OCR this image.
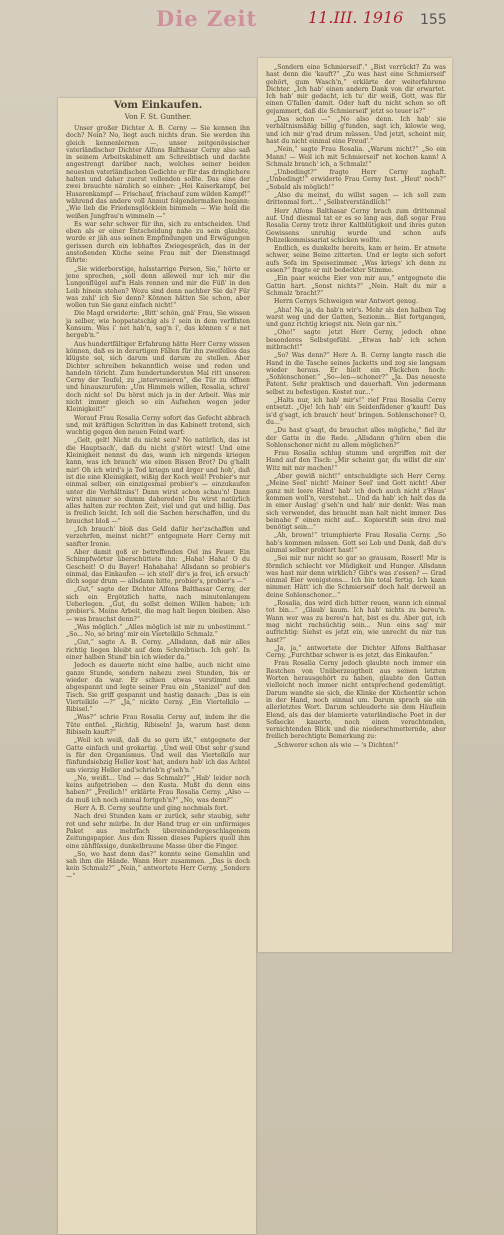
Die Zeit	11.III. 1916 155
Vom Einkaufen.
Von F. St. Gunther.

Unser großer Dichter A. B. Cerny — Sie kennen ihn doch? Nein? No, liegt auch nichts dran. Sie werden ihn gleich kennenlernen —, unser zeitgenössischer vaterländischer Dichter Alfons Balthasar Cerny also saß in seinem Arbeitskabinett am Schreibtisch und dachte angestrengt darüber nach, welches seiner beiden neuesten vaterländischen Gedichte er für das dringlichere halten und daher zuerst vollenden sollte. Das eine der zwei brauchte nämlich so einher: „Hei Kaiserkampf, bei Husarenkampf — Frischauf, frischauf zum wilden Kampf!“ während das andere voll Anmut folgendermaßen begann: „Wie lieb die Friedensglöcklein bimmeln — Wie hold die weißen Jungfrau'n wimmeln —“

Es war sehr schwer für ihn, sich zu entscheiden. Und eben als er einer Entscheidung nahe zu sein glaubte, wurde er jäh aus seinen Empfindungen und Erwägungen gerissen durch ein lebhaftes Zwiegespräch, das in der anstoßenden Küche seine Frau mit der Dienstmagd führte:

„Sie widerborstige, halsstarrige Person, Sie,“ hörte er jene sprechen, „soll denn alleweil nur ich mir die Lungenflügel auf'n Hals rennen und mir die Füß' in den Leib hinein stehen? Wozu sind denn nachher Sie da? Für was zahl' ich Sie denn? Können hätten Sie schon, aber wollen tun Sie ganz einfach nicht!“

Die Magd erwiderte: „Bitt' schön, gnä' Frau, Sie wissen ja selber, wie hoppatatschig als i' sein in dem verflixten Konsum. Was i' net hab'n, sag'n i', das können s' e net hergeb'n.“

Aus hundertfältiger Erfahrung hätte Herr Cerny wissen können, daß es in derartigen Fällen für ihn zweifellos das klügste sei, sich darum und darum zu stellen. Aber Dichter schreiben bekanntlich weise und reden und handeln töricht. Zum hundertundersten Mal ritt unseren Cerny der Teufel, zu „intervenieren“, die Tür zu öffnen und hinauszurufen: „Um Himmels willen, Rosalia, schrei' doch nicht so! Du hörst mich ja in der Arbeit. Was mir nicht immer gleich so ein Aufsehen wegen jeder Kleinigkeit!“

Worauf Frau Rosalia Cerny sofort das Gefecht abbrach und, mit kräftigen Schritten in das Kabinett tretend, sich wuchtig gegen den neuen Feind warf:

„Gelt, gelt! Nicht du nicht sein? No natürlich, das ist die Hauptsach', daß du nicht g'stört wirst! Und eine Kleinigkeit nennst du das, wann ich nirgends kriegen kann, was ich brauch' wie einen Bissen Brot? Du g'hallt mir! Oh ich wird's ja Tod kriegn und ärger und hoh', daß ist die eine Kleinigkeit, wißig der Koch weil! Probier's nur einmal selber, ein einzigesmal probier's — einzukaufen unter die Verhältniss'! Dann wirst schon schau'n! Dann wirst nimmer so dumm dahereden! Du wirst natürlich alles halten zur rechten Zeit, viel und gut und billig. Das is freilich leicht. Ich soll die Sachen herschaffen, und du brauchst bloß —“

„Ich brauch' bloß das Geld dafür her'zschaffen und verzehrfen, meinst nicht?“ entgegnete Herr Cerny mit sanfter Ironie.

Aber damit goß er betreffenden Oel ins Feuer. Ein Schimpfwörter überschüttete ihn: „Haha! Haha! O du Gescheit! O du Bayer! Hahahaha! Allsdann so probier's einmal, das Einkaufen — ich stell' dir's ja frei, ich ersuch' dich sogar drum — allsdann bitte, probier's, probier's —“

„Gut,“ sagte der Dichter Alfons Balthasar Cerny, der sich ein Ergötzlich hatte, nach minutenlangem Ueberlegen. „Gut, du sollst deinen Willen haben; ich probier's. Meine Arbeit, die mag halt liegen bleiben. Also — was brauchst denn?“

„Was möglich.“ „Alles möglich ist mir zu unbestimmt.“ „So... No, so bring' mir ein Viertelkilo Schmalz.“

„Gut,“ sagte A. B. Cerny. „Allsdann, daß mir alles richtig liegen bleibt auf dem Schreibtisch. Ich geh'. In einer halben Stund' bin ich wieder da.“

Jedoch es dauerte nicht eine halbe, auch nicht eine ganze Stunde, sondern nahezu zwei Stunden, bis er wieder da war. Er schien etwas verstimmt und abgespannt und legte seiner Frau ein „Stanizel“ auf den Tisch. Sie griff gespannt und hastig danach: „Das is ein Viertelkilo —?“ „Ja,“ nickte Cerny. „Ein Viertelkilo — Ribisel.“

„Was?“ schrie Frau Rosalia Cerny auf, indem ihr die Tüte entfiel. „Richtig, Ribiseln! Ja, warum hast denn Ribiseln kauft?“

„Weil ich weiß, daß du so gern ißt,“ entgegnete der Gatte einfach und grokartig. „Und weil Obst sehr g'sund is für den Organismus. Und weil das Viertelkilo nur fünfundsiebzig Heller kost' hat, anders hab' ich das Achtel um vierzig Heller and'schrieb'n g'seh'n.“

„No, weißt... Und — das Schmalz?“ „Hab' leider noch keins aufgetrieben — den Kusta. Mußt du denn eins haben?“ „Freilich!“ erklärte Frau Rosalia Cerny. „Also — da muß ich noch einmal fortgeh'n?“ „No, was denn?“

Herr A. B. Cerny seufzte und ging nochmals fort.

Nach drei Stunden kam er zurück, sehr staubig, sehr rot und sehr mürbe. In der Hand trug er ein unförmiges Paket aus mehrfach übereinandergeschlagenem Zeitungspapier. Aus den Rissen dieses Papiers quoll ihm eine zähflüssige, dunkelbraune Masse über die Finger.

„So, wo hast denn das?“ konnte seine Gemahlin und sah ihm die Hände. Wann Herr zusammen. „Das is doch kein Schmalz?“ „Nein,“ antwortete Herr Cerny. „Sondern —“

„Sondern eine Schmierseif'.“ „Bist verrückt? Zu was hast denn die 'kauft?“ „Zu was hast eine Schmierseif' gehört, gum Wasch'n,“ erklärte der weiterfahrene Dichter. „Ich hab' einen andern Dank von dir erwartet. Ich hab' mir gedacht, ich tu' dir weiß, Gott, was für einen G'fallen damit. Oder haft du nicht schon so oft gejammert, daß die Schmierseif' jetzt so teuer is?“

„Das schon —“ „No also denn. Ich hab' sie verhältnismäßig billig g'funden, sagt ich, kilowie weg, und ich mir g'rad drum müssen. Und jetzt, scheint mir, hast du nicht einmal eine Freud'.“

„Nein,“ sagte Frau Rosalia. „Warum nicht?“ „So ein Mann! — Weil ich mit Schmierseif' net kochen kann! A Schmalz brauch' ich, a Schmalz!“

„Unbedingt?“ fragte Herr Cerny zaghaft. „Unbedingt!“ erwiderte Frau Cerny fest. „Heut' noch?“ „Sobald als möglich!“

„Also du meinst, du willst sagen — ich soll zum drittenmal fort...“ „Selbstverständlich!“

Herr Alfons Balthasar Cerny brach zum drittenmal auf. Und diesmal tat er es so lang aus, daß sogar Frau Rosalia Cerny trotz ihrer Kaltblütigkeit und ihres guten Gewissens unruhig wurde und schon aufs Polizeikommissariat schicken wollte.

Endlich, es dunkelte bereits, kam er heim. Er atmete schwer, seine Beine zitterten. Und er legte sich sofort aufs Sofa im Speisezimmer. „Was kriegs' ich denn zu essen?“ fragte er mit bedeckter Stimme.

„Ein paar weiche Eier von mir aus,“ entgegnete die Gattin hart. „Sonst nichts?“ „Nein. Halt du mir a Schmalz 'bracht?“

Herrn Cernys Schweigen war Antwort genug.

„Aha! Na ja, da hab'n wir's. Mehr als den halben Tag warst weg und der Gatten, Sezionin... Bist fortgangen, und ganz richtig kriegst nix. Nein gar nix.“

„Oho!“ sagte jetzt Herr Cerny, jedoch ohne besonderes Selbstgefühl. „Etwas hab' ich schon mitbracht!“

„So? Was denn?“ Herr A. B. Cerny langte rasch die Hand in die Tasche seines Jacketts und zog sie langsam wieder heraus. Er hielt ein Päckchen hoch: „Sohlenschoner.“ „So—len—schoner?“ „Ja. Das neueste Patent. Sehr praktisch und dauerhaft. Von jedermann selbst zu befestigen. Kostet nur...“

„Halts nur, ich hab' mir's!“ rief Frau Rosalia Cerny entsetzt. „Oje! Ich hab' ein Seidenfädener g'kauft! Das is'd g'sagt, ich brauch' heut' bringen. Sohlenschoner? O, du...“

„Du hast g'sagt, du brauchst alles mögliche,“ fiel ihr der Gatte in die Rede. „Allsdann g'hörn eben die Sohlenschoner nicht zu allem möglichen?“

Frau Rosalia schlug stumm und ergriffen mit der Hand auf den Tisch: „Mir scheint gar, du willst dir ein' Witz mit mir machen!“

„Aber gewiß nicht!“ entschuldigte sich Herr Cerny. „Meine Seel' nicht! Meiner Seel' und Gott nicht! Aber ganz mit leere Händ' hab' ich doch auch nicht z'Haus' kommen woll'n, verstehst... Und da hab' ich halt das da in einer Auslag' g'seh'n und hab' mir denkt: Was man sich verwendet, das braucht man halt nicht immer. Das beinahe f' einen nicht auf... Kopierstift sein drei mal benötigt sein...“

„Ah, brown!“ triumphierte Frau Rosalia Cerny. „So hab's kommen müssen. Gott sei Lob und Dank, daß du's einmal selber probiert hast!“

„Sei mir nur nicht so gar so grausam, Roserl! Mir is förmlich schlecht vor Müdigkeit und Hunger. Allsdann was hast mir denn wirklich? Gibt's was z'essen? — Grad einmal Eier wenigstens... Ich bin total fertig. Ich kann nimmer. Hätt' ich die Schmierseif' doch halt derweil an deine Sohlenschoner...“

„Rosalia, das wird dich bitter reuen, wann ich einmal tot bin...“ „Glaub' kaum. Ich hab' nichts zu bereu'n. Wann wer was zu bereu'n hat, bist es du. Aber gut, ich mag nicht rachsüchtig sein... Nun eins sag' mir aufrichtig: Siehst es jetzt ein, wie unrecht du mir tun hast?“

„Ja, ja,“ antwortete der Dichter Alfons Balthasar Cerny. „Furchtbar schwer is es jetzt, das Einkaufen.“

Frau Rosalia Cerny jedoch glaubte noch immer ein Restchen von Unüberzeugtheit aus seinen letzten Worten herausgehört zu haben, glaubte den Gatten vielleicht noch immer nicht entsprechend gedemütigt. Darum wandte sie sich, die Klinke der Küchentür schon in der Hand, noch einmal um. Darum sprach sie ein allerletztes Wort. Darum schleuderte sie dem Häuflein Elend, als das der blamierte vaterländische Poet in der Sofaecke kauerte, noch einen verachtenden, vernichtenden Blick und die niederschmetternde, aber freilich berechtigte Bemerkung zu:

„Schwerer schon als wie — 's Dichten!“
